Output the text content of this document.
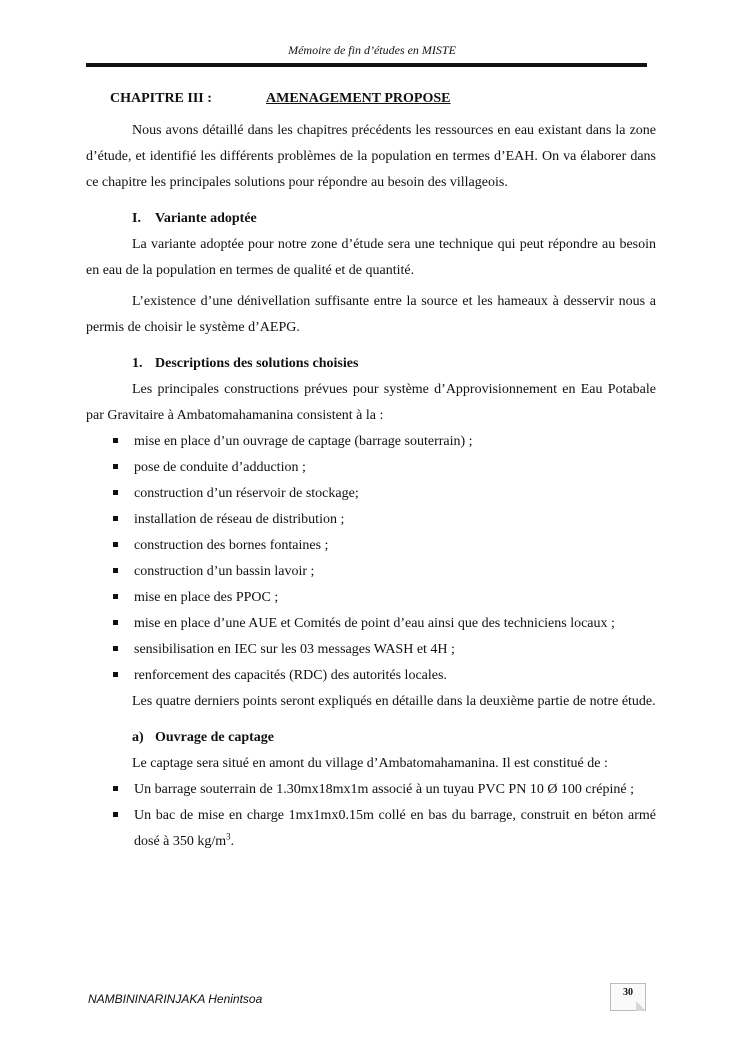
Mémoire de fin d’études en MISTE
CHAPITRE III :	AMENAGEMENT PROPOSE

Nous avons détaillé dans les chapitres précédents les ressources en eau existant dans la zone d’étude, et identifié les différents problèmes de la population en termes d’EAH. On va élaborer dans ce chapitre les principales solutions pour répondre au besoin des villageois.

I. Variante adoptée

La variante adoptée pour notre zone d’étude sera une technique qui peut répondre au besoin en eau de la population en termes de qualité et de quantité.

L’existence d’une dénivellation suffisante entre la source et les hameaux à desservir nous a permis de choisir le système d’AEPG.

1. Descriptions des solutions choisies

Les principales constructions prévues pour système d’Approvisionnement en Eau Potabale par Gravitaire à Ambatomahamanina consistent à la :

mise en place d’un ouvrage de captage (barrage souterrain) ;
pose de conduite d’adduction ;
construction d’un réservoir de stockage;
installation de réseau de distribution ;
construction des bornes fontaines ;
construction d’un bassin lavoir ;
mise en place des PPOC ;
mise en place d’une AUE et Comités de point d’eau ainsi que des techniciens locaux ;
sensibilisation en IEC sur les 03 messages WASH et 4H ;
renforcement des capacités (RDC) des autorités locales.

Les quatre derniers points seront expliqués en détaille dans la deuxième partie de notre étude.

a) Ouvrage de captage

Le captage sera situé en amont du village d’Ambatomahamanina. Il est constitué de :

Un barrage souterrain de 1.30mx18mx1m associé à un tuyau PVC PN 10 Ø 100 crépiné ;
Un bac de mise en charge 1mx1mx0.15m collé en bas du barrage, construit en béton armé dosé à 350 $kg/m^3$.
NAMBININARINJAKA Henintsoa	30
